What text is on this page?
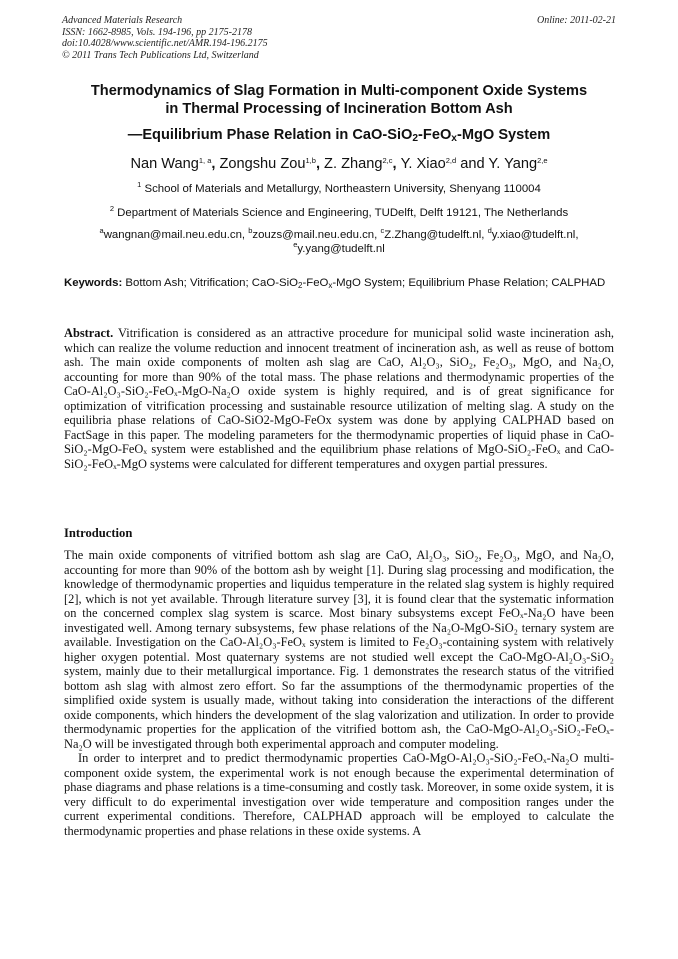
Advanced Materials Research
ISSN: 1662-8985, Vols. 194-196, pp 2175-2178
doi:10.4028/www.scientific.net/AMR.194-196.2175
© 2011 Trans Tech Publications Ltd, Switzerland
Online: 2011-02-21
Thermodynamics of Slag Formation in Multi-component Oxide Systems
in Thermal Processing of Incineration Bottom Ash
—Equilibrium Phase Relation in CaO-SiO$_2$-FeO$_x$-MgO System
Nan Wang$^{1, a}$, Zongshu Zou$^{1,b}$, Z. Zhang$^{2,c}$, Y. Xiao$^{2,d}$ and Y. Yang$^{2,e}$
$^1$ School of Materials and Metallurgy, Northeastern University, Shenyang 110004
$^2$ Department of Materials Science and Engineering, TUDelft, Delft 19121, The Netherlands
$^a$wangnan@mail.neu.edu.cn, $^b$zouzs@mail.neu.edu.cn, $^c$Z.Zhang@tudelft.nl, $^d$y.xiao@tudelft.nl,
$^e$y.yang@tudelft.nl
Keywords: Bottom Ash; Vitrification; CaO-SiO$_2$-FeO$_x$-MgO System; Equilibrium Phase Relation; CALPHAD

Abstract. Vitrification is considered as an attractive procedure for municipal solid waste incineration ash, which can realize the volume reduction and innocent treatment of incineration ash, as well as reuse of bottom ash. The main oxide components of molten ash slag are CaO, Al₂O₃, SiO₂, Fe₂O₃, MgO, and Na₂O, accounting for more than 90% of the total mass. The phase relations and thermodynamic properties of the CaO-Al₂O₃-SiO₂-FeOₓ-MgO-Na₂O oxide system is highly required, and is of great significance for optimization of vitrification processing and sustainable resource utilization of melting slag. A study on the equilibria phase relations of CaO-SiO2-MgO-FeOx system was done by applying CALPHAD based on FactSage in this paper. The modeling parameters for the thermodynamic properties of liquid phase in CaO-SiO₂-MgO-FeOₓ system were established and the equilibrium phase relations of MgO-SiO₂-FeOₓ and CaO-SiO₂-FeOₓ-MgO systems were calculated for different temperatures and oxygen partial pressures.

Introduction

The main oxide components of vitrified bottom ash slag are CaO, Al₂O₃, SiO₂, Fe₂O₃, MgO, and Na₂O, accounting for more than 90% of the bottom ash by weight [1]. During slag processing and modification, the knowledge of thermodynamic properties and liquidus temperature in the related slag system is highly required [2], which is not yet available. Through literature survey [3], it is found clear that the systematic information on the concerned complex slag system is scarce. Most binary subsystems except FeOₓ-Na₂O have been investigated well. Among ternary subsystems, few phase relations of the Na₂O-MgO-SiO₂ ternary system are available. Investigation on the CaO-Al₂O₃-FeOₓ system is limited to Fe₂O₃-containing system with relatively higher oxygen potential. Most quaternary systems are not studied well except the CaO-MgO-Al₂O₃-SiO₂ system, mainly due to their metallurgical importance. Fig. 1 demonstrates the research status of the vitrified bottom ash slag with almost zero effort. So far the assumptions of the thermodynamic properties of the simplified oxide system is usually made, without taking into consideration the interactions of the different oxide components, which hinders the development of the slag valorization and utilization. In order to provide thermodynamic properties for the application of the vitrified bottom ash, the CaO-MgO-Al₂O₃-SiO₂-FeOₓ-Na₂O will be investigated through both experimental approach and computer modeling.

In order to interpret and to predict thermodynamic properties CaO-MgO-Al₂O₃-SiO₂-FeOₓ-Na₂O multi-component oxide system, the experimental work is not enough because the experimental determination of phase diagrams and phase relations is a time-consuming and costly task. Moreover, in some oxide system, it is very difficult to do experimental investigation over wide temperature and composition ranges under the current experimental conditions. Therefore, CALPHAD approach will be employed to calculate the thermodynamic properties and phase relations in these oxide systems. A
